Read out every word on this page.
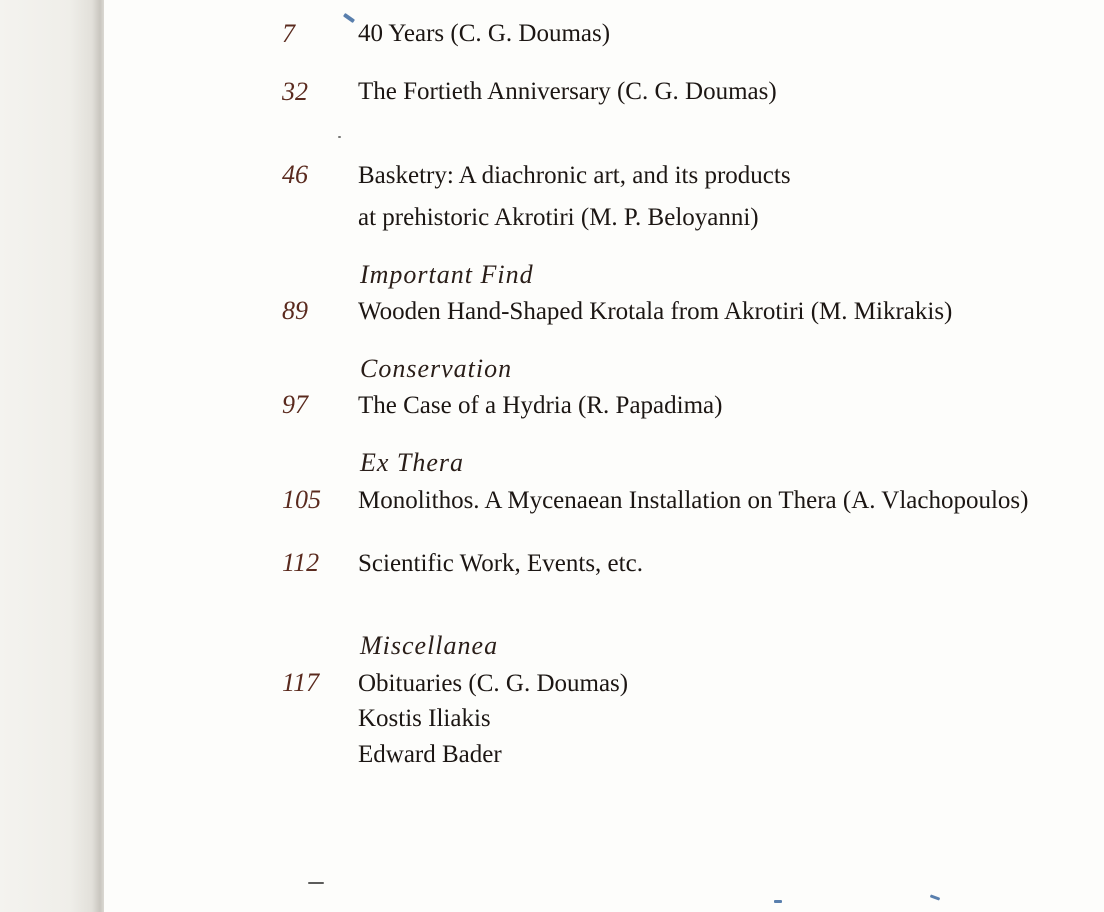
7	40 Years (C. G. Doumas)
32 The Fortieth Anniversary (C. G. Doumas)
46 Basketry: A diachronic art, and its products
at prehistoric Akrotiri (M. P. Beloyanni)
Important Find
89 Wooden Hand-Shaped Krotala from Akrotiri (M. Mikrakis)
Conservation
97 The Case of a Hydria (R. Papadima)
Ex Thera
105 Monolithos. A Mycenaean Installation on Thera (A. Vlachopoulos)
112 Scientific Work, Events, etc.
Miscellanea
117 Obituaries (C. G. Doumas)
Kostis Iliakis
Edward Bader
